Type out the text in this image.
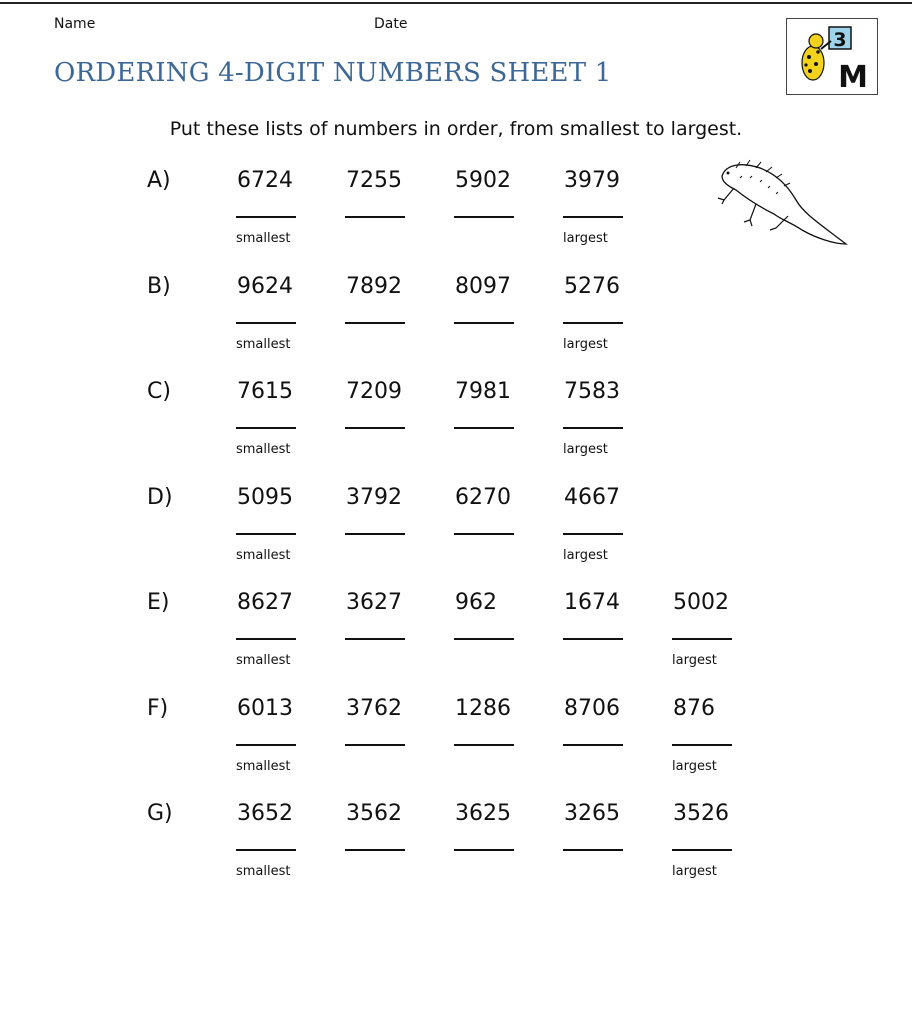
Name	Date
ORDERING 4-DIGIT NUMBERS SHEET 1
3
M
Put these lists of numbers in order, from smallest to largest.
A)	6724 7255 5902 3979
smallest	largest
B)	9624 7892 8097 5276
smallest	largest
C)	7615 7209 7981 7583
smallest	largest
D)	5095 3792 6270 4667
smallest	largest
E)	8627 3627 962	1674 5002
smallest	largest
F)	6013 3762 1286 8706 876
smallest	largest
G)	3652 3562 3625 3265 3526
smallest	largest
